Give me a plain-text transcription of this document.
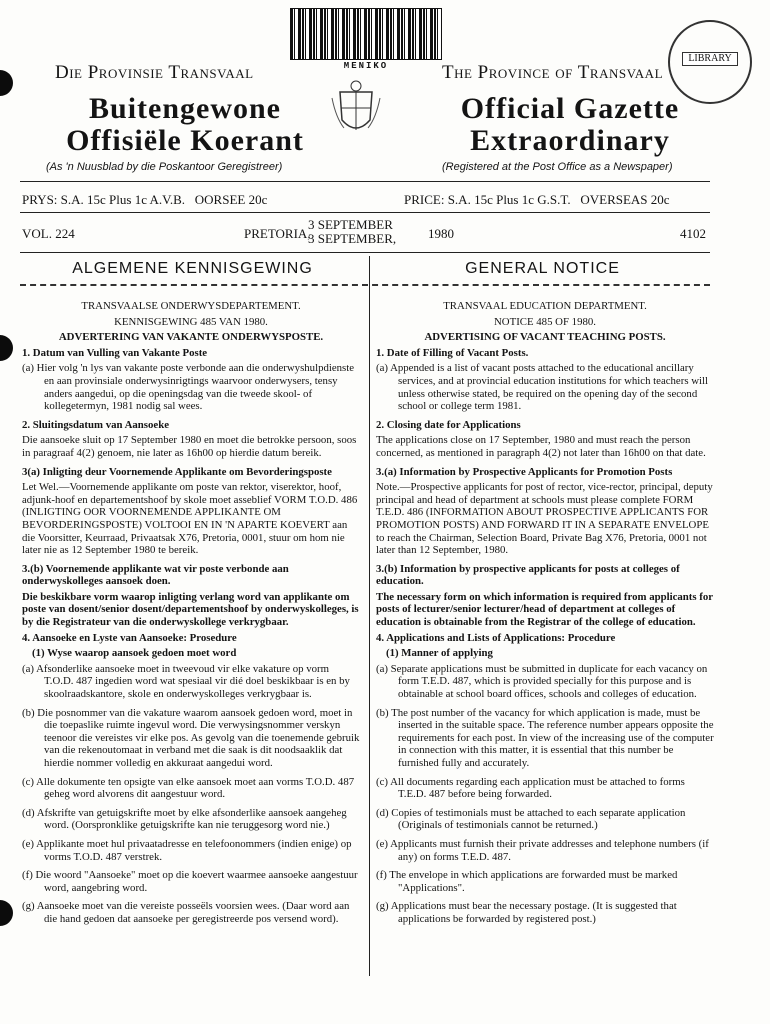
MENIKO
LIBRARY
Die Provinsie Transvaal	The Province of Transvaal
Buitengewone
Offisiële Koerant
Official Gazette
Extraordinary
(As 'n Nuusblad by die Poskantoor Geregistreer)	(Registered at the Post Office as a Newspaper)
PRYS: S.A. 15c Plus 1c A.V.B.   OORSEE 20c	PRICE: S.A. 15c Plus 1c G.S.T.   OVERSEAS 20c
VOL. 224	PRETORIA,
3 SEPTEMBER
3 SEPTEMBER, 1980	4102
ALGEMENE KENNISGEWING	GENERAL NOTICE

TRANSVAALSE ONDERWYSDEPARTEMENT.

KENNISGEWING 485 VAN 1980.

ADVERTERING VAN VAKANTE ONDERWYSPOSTE.

1. Datum van Vulling van Vakante Poste

(a) Hier volg 'n lys van vakante poste verbonde aan die onderwyshulpdienste en aan provinsiale onderwysinrigtings waarvoor onderwysers, tensy anders aangedui, op die openingsdag van die tweede skool- of kollegetermyn, 1981 nodig sal wees.

2. Sluitingsdatum van Aansoeke

Die aansoeke sluit op 17 September 1980 en moet die betrokke persoon, soos in paragraaf 4(2) genoem, nie later as 16h00 op hierdie datum bereik.

3(a) Inligting deur Voornemende Applikante om Bevorderingsposte

Let Wel.—Voornemende applikante om poste van rektor, viserektor, hoof, adjunk-hoof en departementshoof by skole moet asseblief VORM T.O.D. 486 (INLIGTING OOR VOORNEMENDE APPLIKANTE OM BEVORDERINGSPOSTE) VOLTOOI EN IN 'N APARTE KOEVERT aan die Voorsitter, Keurraad, Privaatsak X76, Pretoria, 0001, stuur om hom nie later nie as 12 September 1980 te bereik.

3.(b) Voornemende applikante wat vir poste verbonde aan onderwyskolleges aansoek doen.

Die beskikbare vorm waarop inligting verlang word van applikante om poste van dosent/senior dosent/departementshoof by onderwyskolleges, is by die Registrateur van die onderwyskollege verkrygbaar.

4. Aansoeke en Lyste van Aansoeke: Prosedure

(1) Wyse waarop aansoek gedoen moet word

(a) Afsonderlike aansoeke moet in tweevoud vir elke vakature op vorm T.O.D. 487 ingedien word wat spesiaal vir dié doel beskikbaar is en by skoolraadskantore, skole en onderwyskolleges verkrygbaar is.

(b) Die posnommer van die vakature waarom aansoek gedoen word, moet in die toepaslike ruimte ingevul word. Die verwysingsnommer verskyn teenoor die vereistes vir elke pos. As gevolg van die toenemende gebruik van die rekenoutomaat in verband met die saak is dit noodsaaklik dat hierdie nommer volledig en akkuraat aangedui word.

(c) Alle dokumente ten opsigte van elke aansoek moet aan vorms T.O.D. 487 geheg word alvorens dit aangestuur word.

(d) Afskrifte van getuigskrifte moet by elke afsonderlike aansoek aangeheg word. (Oorspronklike getuigskrifte kan nie teruggesorg word nie.)

(e) Applikante moet hul privaatadresse en telefoonommers (indien enige) op vorms T.O.D. 487 verstrek.

(f) Die woord "Aansoeke" moet op die koevert waarmee aansoeke aangestuur word, aangebring word.

(g) Aansoeke moet van die vereiste posseëls voorsien wees. (Daar word aan die hand gedoen dat aansoeke per geregistreerde pos versend word).

TRANSVAAL EDUCATION DEPARTMENT.

NOTICE 485 OF 1980.

ADVERTISING OF VACANT TEACHING POSTS.

1. Date of Filling of Vacant Posts.

(a) Appended is a list of vacant posts attached to the educational ancillary services, and at provincial education institutions for which teachers will unless otherwise stated, be required on the opening day of the second school or college term 1981.

2. Closing date for Applications

The applications close on 17 September, 1980 and must reach the person concerned, as mentioned in paragraph 4(2) not later than 16h00 on that date.

3.(a) Information by Prospective Applicants for Promotion Posts

Note.—Prospective applicants for post of rector, vice-rector, principal, deputy principal and head of department at schools must please complete FORM T.E.D. 486 (INFORMATION ABOUT PROSPECTIVE APPLICANTS FOR PROMOTION POSTS) AND FORWARD IT IN A SEPARATE ENVELOPE to reach the Chairman, Selection Board, Private Bag X76, Pretoria, 0001 not later than 12 September, 1980.

3.(b) Information by prospective applicants for posts at colleges of education.

The necessary form on which information is required from applicants for posts of lecturer/senior lecturer/head of department at colleges of education is obtainable from the Registrar of the college of education.

4. Applications and Lists of Applications: Procedure

(1) Manner of applying

(a) Separate applications must be submitted in duplicate for each vacancy on form T.E.D. 487, which is provided specially for this purpose and is obtainable at school board offices, schools and colleges of education.

(b) The post number of the vacancy for which application is made, must be inserted in the suitable space. The reference number appears opposite the requirements for each post. In view of the increasing use of the computer in connection with this matter, it is essential that this number be furnished fully and accurately.

(c) All documents regarding each application must be attached to forms T.E.D. 487 before being forwarded.

(d) Copies of testimonials must be attached to each separate application (Originals of testimonials cannot be returned.)

(e) Applicants must furnish their private addresses and telephone numbers (if any) on forms T.E.D. 487.

(f) The envelope in which applications are forwarded must be marked "Applications".

(g) Applications must bear the necessary postage. (It is suggested that applications be forwarded by registered post.)
